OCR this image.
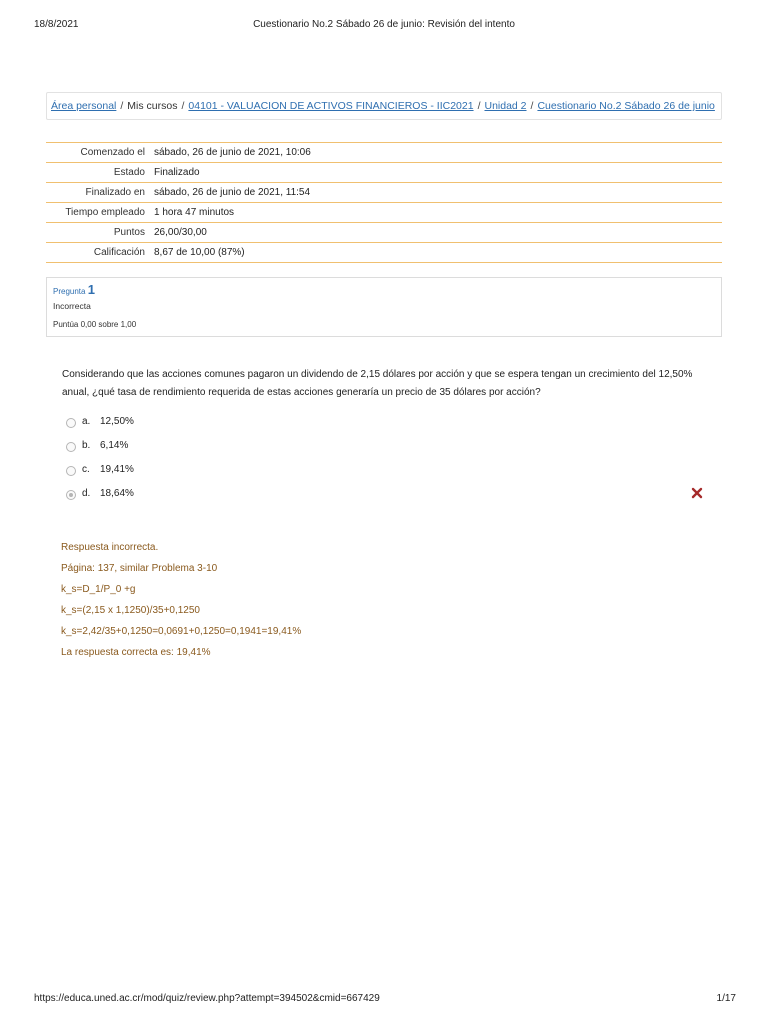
18/8/2021	Cuestionario No.2 Sábado 26 de junio: Revisión del intento
Área personal / Mis cursos / 04101 - VALUACION DE ACTIVOS FINANCIEROS - IIC2021 / Unidad 2 / Cuestionario No.2 Sábado 26 de junio
Comenzado el	sábado, 26 de junio de 2021, 10:06
Estado	Finalizado
Finalizado en	sábado, 26 de junio de 2021, 11:54
Tiempo empleado	1 hora 47 minutos
Puntos	26,00/30,00
Calificación	8,67 de 10,00 (87%)
Pregunta 1
Incorrecta
Puntúa 0,00 sobre 1,00
Considerando que las acciones comunes pagaron un dividendo de 2,15 dólares por acción y que se espera tengan un crecimiento del 12,50% anual, ¿qué tasa de rendimiento requerida de estas acciones generaría un precio de 35 dólares por acción?
a. 12,50%
b. 6,14%
c. 19,41%
d. 18,64%
Respuesta incorrecta.
Página: 137, similar Problema 3-10
k_s=D_1/P_0 +g
k_s=(2,15 x 1,1250)/35+0,1250
k_s=2,42/35+0,1250=0,0691+0,1250=0,1941=19,41%
La respuesta correcta es: 19,41%
https://educa.uned.ac.cr/mod/quiz/review.php?attempt=394502&cmid=667429	1/17
